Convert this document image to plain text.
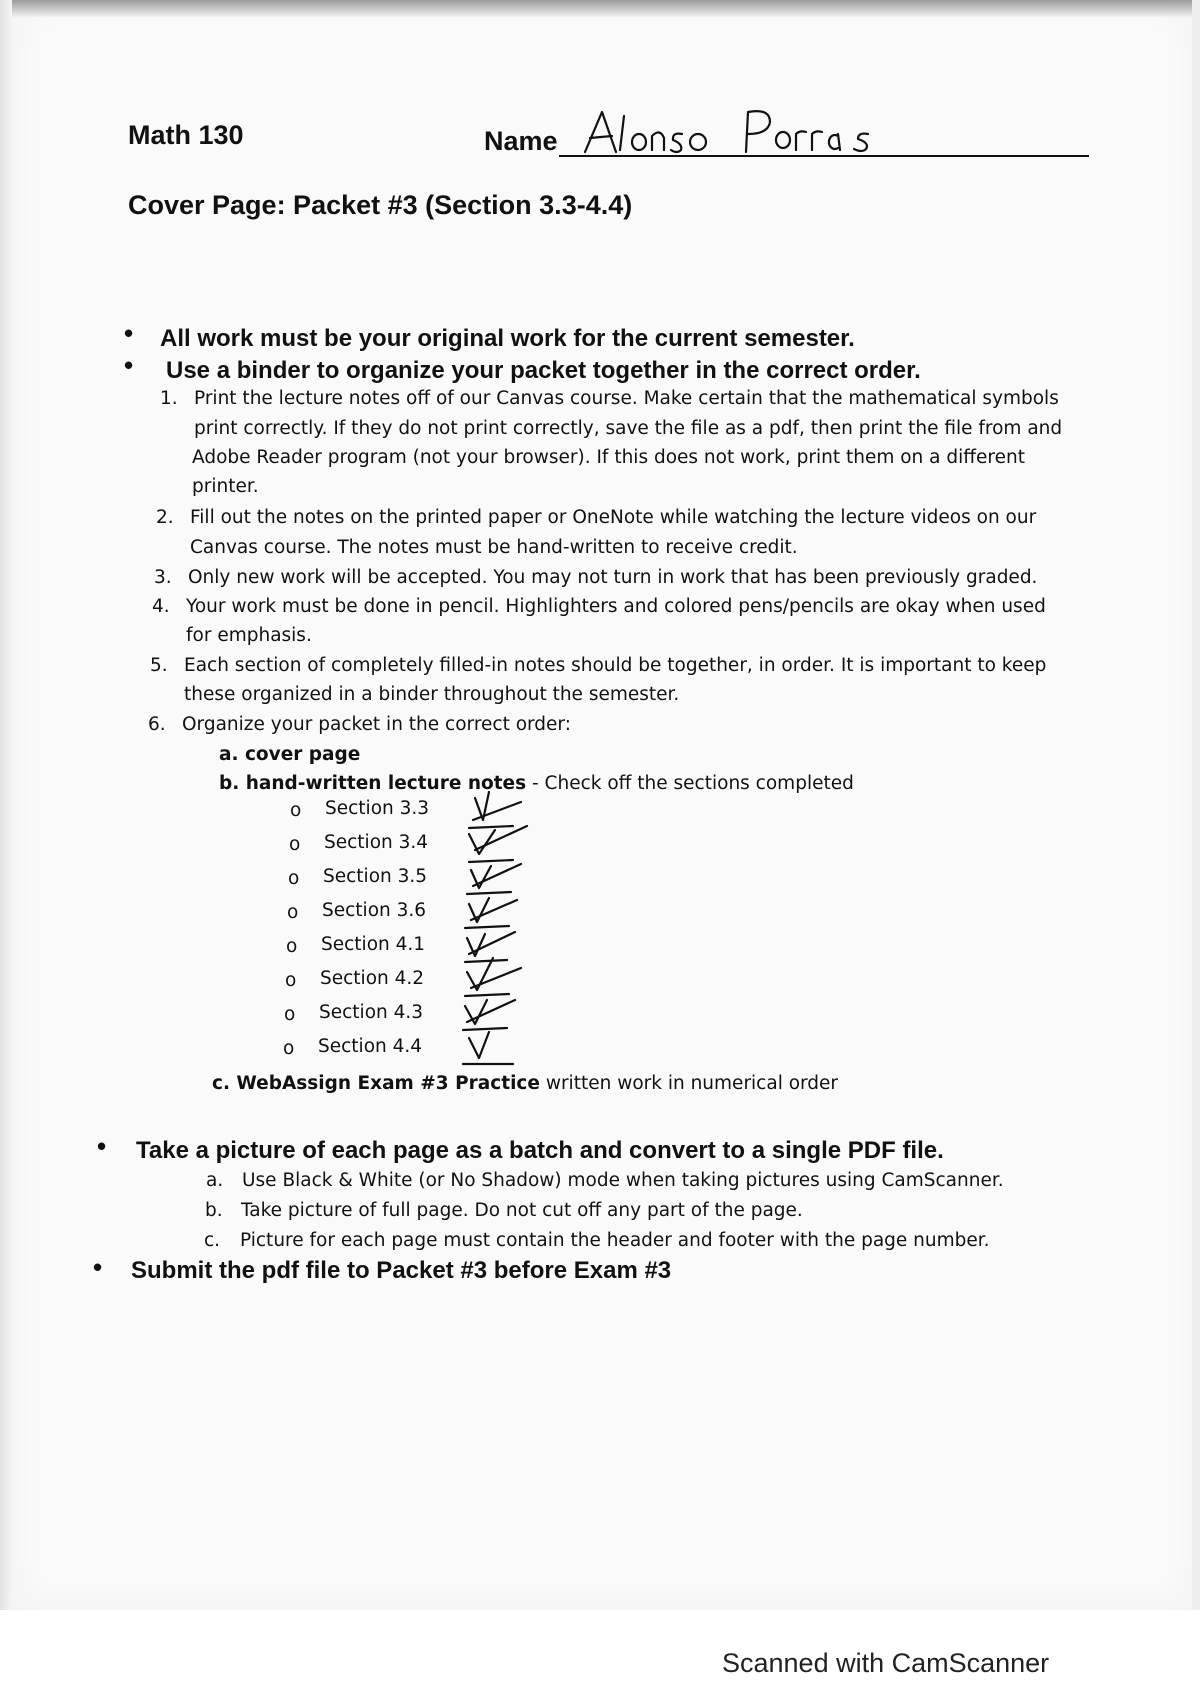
Math 130	Name
Cover Page: Packet #3 (Section 3.3-4.4)
• All work must be your original work for the current semester.
• Use a binder to organize your packet together in the correct order.
1. Print the lecture notes off of our Canvas course. Make certain that the mathematical symbols
print correctly. If they do not print correctly, save the file as a pdf, then print the file from and
Adobe Reader program (not your browser). If this does not work, print them on a different
printer.
2. Fill out the notes on the printed paper or OneNote while watching the lecture videos on our
Canvas course. The notes must be hand-written to receive credit.
3. Only new work will be accepted. You may not turn in work that has been previously graded.
4. Your work must be done in pencil. Highlighters and colored pens/pencils are okay when used
for emphasis.
5. Each section of completely filled-in notes should be together, in order. It is important to keep
these organized in a binder throughout the semester.
6. Organize your packet in the correct order:
a. cover page
b. hand-written lecture notes - Check off the sections completed
o Section 3.3
o Section 3.4
o Section 3.5
o Section 3.6
o Section 4.1
o Section 4.2
o Section 4.3
o Section 4.4
c. WebAssign Exam #3 Practice written work in numerical order
• Take a picture of each page as a batch and convert to a single PDF file.
a. Use Black & White (or No Shadow) mode when taking pictures using CamScanner.
b. Take picture of full page. Do not cut off any part of the page.
c. Picture for each page must contain the header and footer with the page number.
• Submit the pdf file to Packet #3 before Exam #3
Scanned with CamScanner
